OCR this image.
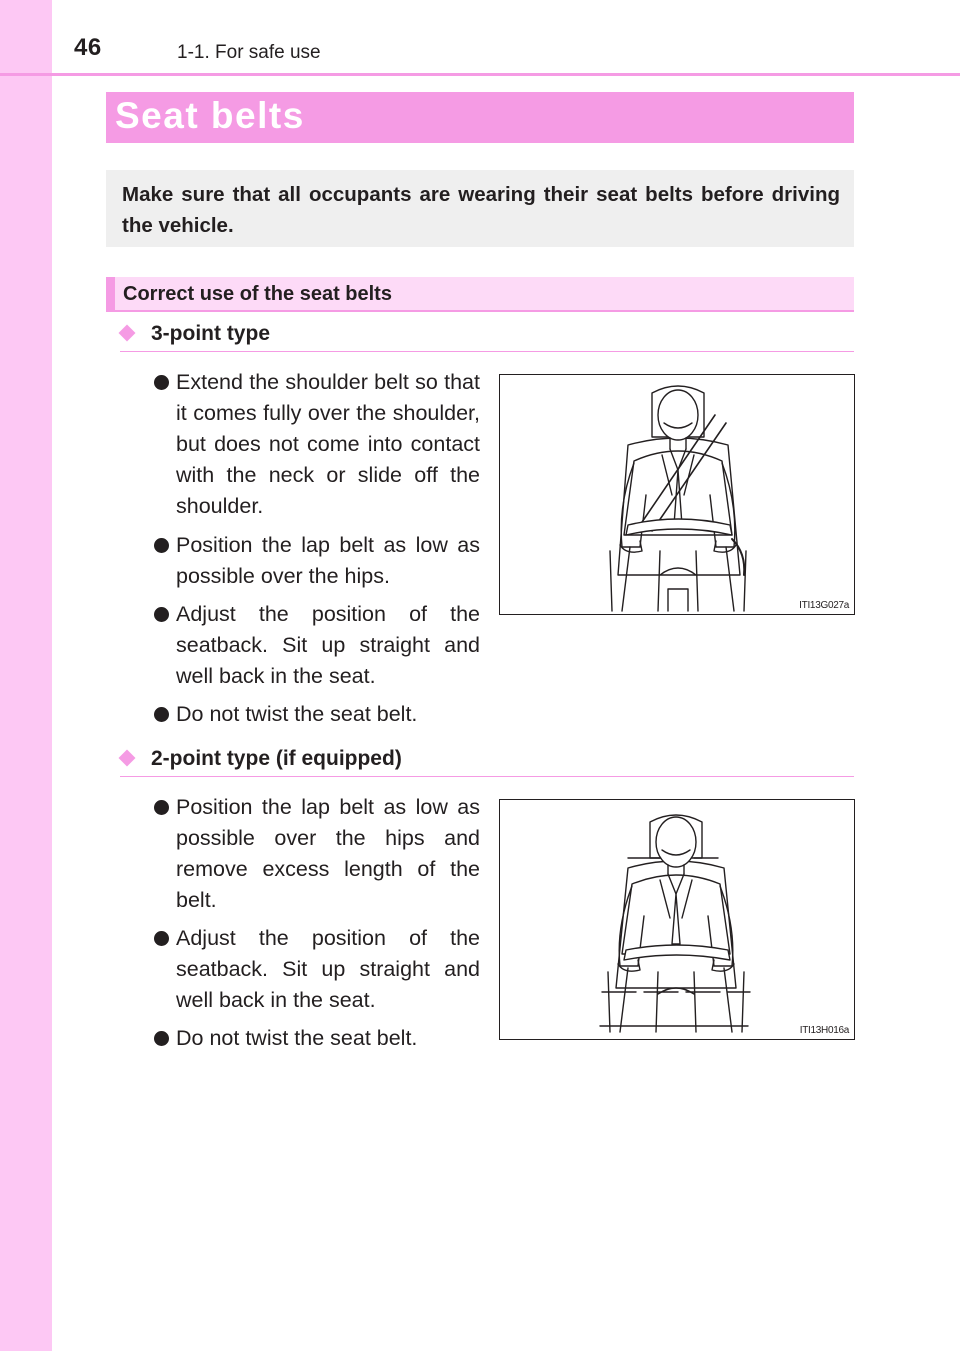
46	1-1. For safe use
Seat belts
Make sure that all occupants are wearing their seat belts before driving the vehicle.
Correct use of the seat belts
3-point type
Extend the shoulder belt so that it comes fully over the shoulder, but does not come into contact with the neck or slide off the shoulder.
Position the lap belt as low as possible over the hips.
Adjust the position of the seatback. Sit up straight and well back in the seat.
Do not twist the seat belt.
ITI13G027a
2-point type (if equipped)
Position the lap belt as low as possible over the hips and remove excess length of the belt.
Adjust the position of the seatback. Sit up straight and well back in the seat.
Do not twist the seat belt.	ITI13H016a
